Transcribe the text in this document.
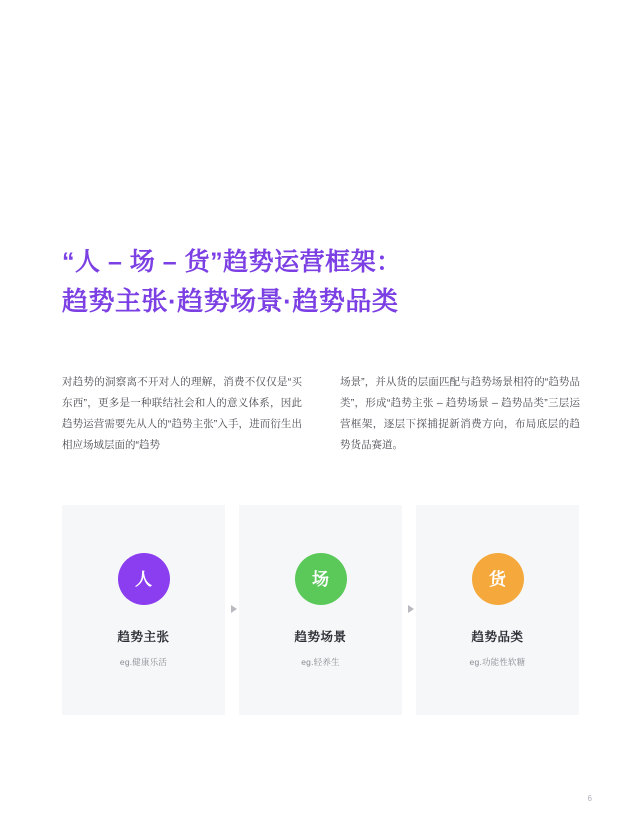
“人 – 场 – 货”趋势运营框架：
趋势主张·趋势场景·趋势品类
对趋势的洞察离不开对人的理解，消费不仅仅是“买东西”，更多是一种联结社会和人的意义体系，因此趋势运营需要先从人的“趋势主张”入手，进而衍生出相应场域层面的“趋势
场景”，并从货的层面匹配与趋势场景相符的“趋势品类”，形成“趋势主张 – 趋势场景 – 趋势品类”三层运营框架，逐层下探捕捉新消费方向，布局底层的趋势货品赛道。
人
趋势主张
eg.健康乐活
场
趋势场景
eg.轻养生
货
趋势品类
eg.功能性软糖
6
